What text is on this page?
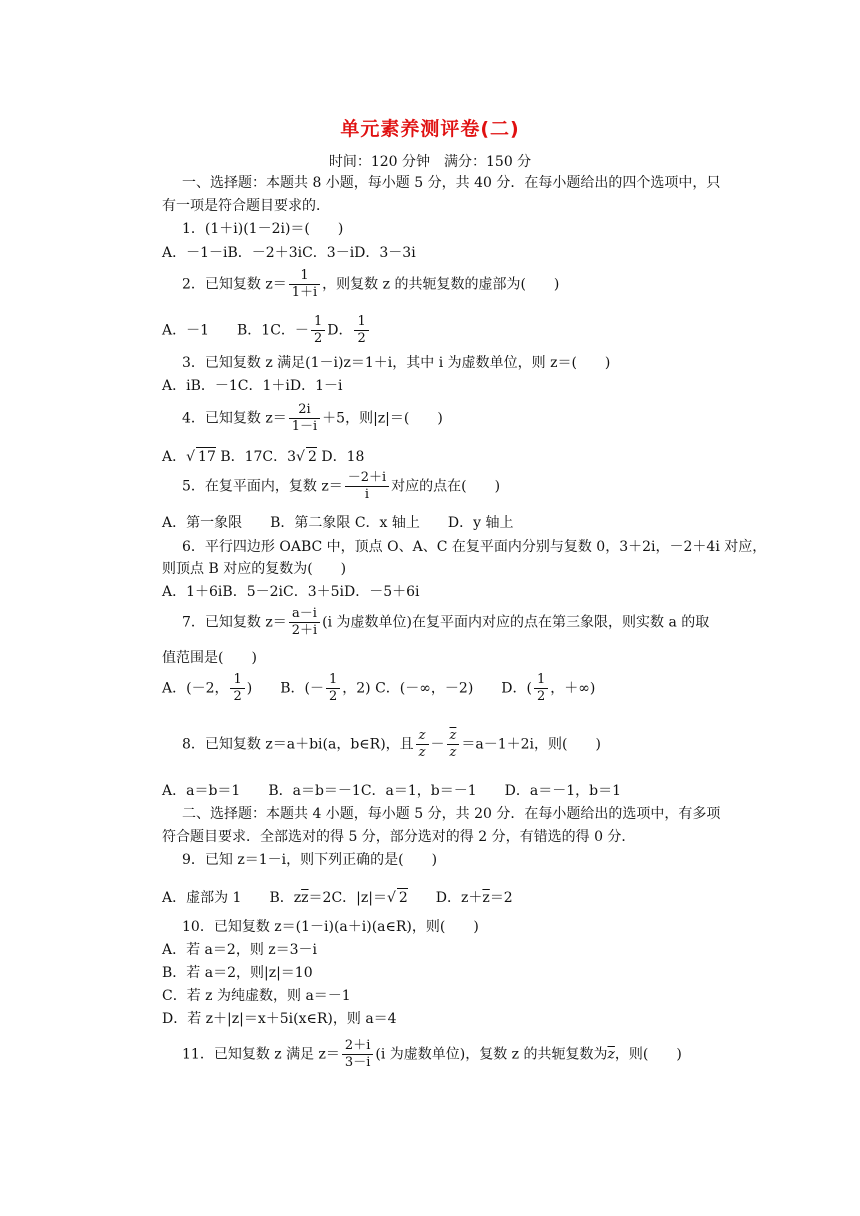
单元素养测评卷(二)
时间：120 分钟　满分：150 分
一、选择题：本题共 8 小题，每小题 5 分，共 40 分．在每小题给出的四个选项中，只
有一项是符合题目要求的．
1．(1＋i)(1－2i)＝(　　)
A．－1－iB．－2＋3iC．3－iD．3－3i
2．已知复数 $z= \frac{1}{1+i}$ ，则复数 z 的共轭复数的虚部为(　　)
A．－1　　B．1C．－ $\frac{1}{2}$ D． $\frac{1}{2}$
3．已知复数 z 满足(1－i)z＝1＋i，其中 i 为虚数单位，则 z＝(　　)
A．iB．－1C．1＋iD．1－i
4．已知复数 $z= \frac{2i}{1-i} +5$，则|z|＝(　　)
A．√ 17 B．17C．3√ 2 D．18
5．在复平面内，复数 $z= \frac{-2+i}{i}$ 对应的点在(　　)
A．第一象限　　B．第二象限 C．x 轴上　　D．y 轴上
6．平行四边形 OABC 中，顶点 O、A、C 在复平面内分别与复数 0，3＋2i，－2＋4i 对应，
则顶点 B 对应的复数为(　　)
A．1＋6iB．5－2iC．3＋5iD．－5＋6i
7．已知复数 $z= \frac{a-i}{2+i} (i$ 为虚数单位)在复平面内对应的点在第三象限，则实数 a 的取
值范围是(　　)
A．(－2， $\frac{1}{2}$ )　　B．(－ $\frac{1}{2}$ ，2) C．(－∞，－2)　　D．( $\frac{1}{2}$ ，＋∞)
8．已知复数 z＝a＋bi(a，b∈R)，且 $\frac{z}{z} - \frac{\overline{z}}{z} =a-1+2i$，则(　　)
A．a＝b＝1　　B．a＝b＝－1C．a＝1，b＝－1　　D．a＝－1，b＝1
二、选择题：本题共 4 小题，每小题 5 分，共 20 分．在每小题给出的选项中，有多项
符合题目要求．全部选对的得 5 分，部分选对的得 2 分，有错选的得 0 分．
9．已知 z＝1－i，则下列正确的是(　　)
A．虚部为 1　　B．$z\overline{z}=2C$．|z|＝√ 2　　D．$z+\overline{z}=2$
10．已知复数 z＝(1－i)(a＋i)(a∈R)，则(　　)
A．若 a＝2，则 z＝3－i
B．若 a＝2，则|z|＝10
C．若 z 为纯虚数，则 a＝－1
D．若 z＋|z|＝x＋5i(x∈R)，则 a＝4
11．已知复数 z 满足 $z= \frac{2+i}{3-i} (i$ 为虚数单位)，复数 z 的共轭复数为$\overline{z}$，则(　　)
